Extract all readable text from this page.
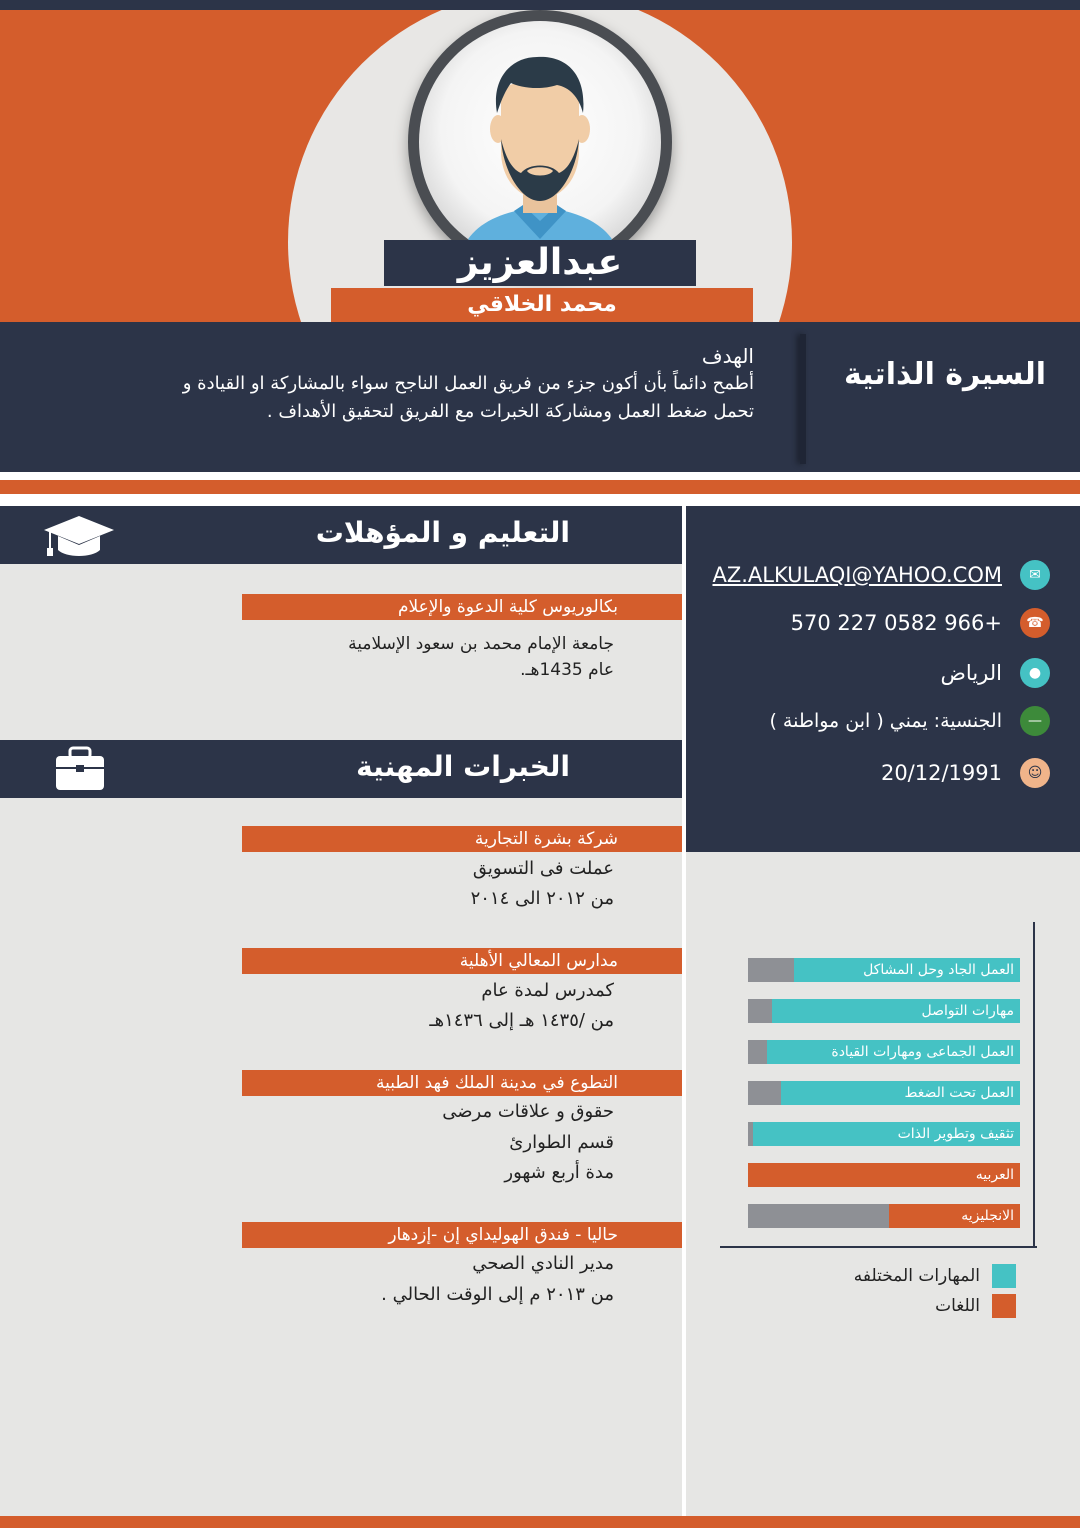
عبدالعزيز
محمد الخلاقي
السيرة الذاتية
الهدف
أطمح دائماً بأن أكون جزء من فريق العمل الناجح سواء بالمشاركة او القيادة و تحمل ضغط العمل ومشاركة الخبرات مع الفريق لتحقيق الأهداف .
✉
AZ.ALKULAQI@YAHOO.COM
☎
+966 0582 227 570
●
الرياض
—
الجنسية: يمني ( ابن مواطنة )
☺
20/12/1991
التعليم و المؤهلات
بكالوريوس كلية الدعوة والإعلام
جامعة الإمام محمد بن سعود الإسلامية
عام 1435هـ.
الخبرات المهنية
شركة بشرة التجارية
عملت فى التسويق
من ٢٠١٢ الى ٢٠١٤
مدارس المعالي الأهلية
كمدرس لمدة عام
من /١٤٣٥ هـ إلى ١٤٣٦هـ
التطوع في مدينة الملك فهد الطبية
حقوق و علاقات مرضى
قسم الطوارئ
مدة أربع شهور
حاليا - فندق الهوليداي إن -إزدهار
مدير النادي الصحي
من ٢٠١٣ م إلى الوقت الحالي .
العمل الجاد وحل المشاكل
مهارات التواصل
العمل الجماعى ومهارات القيادة
العمل تحت الضغط
تثقيف وتطوير الذات
العربيه
الانجليزيه
المهارات المختلفه
اللغات
